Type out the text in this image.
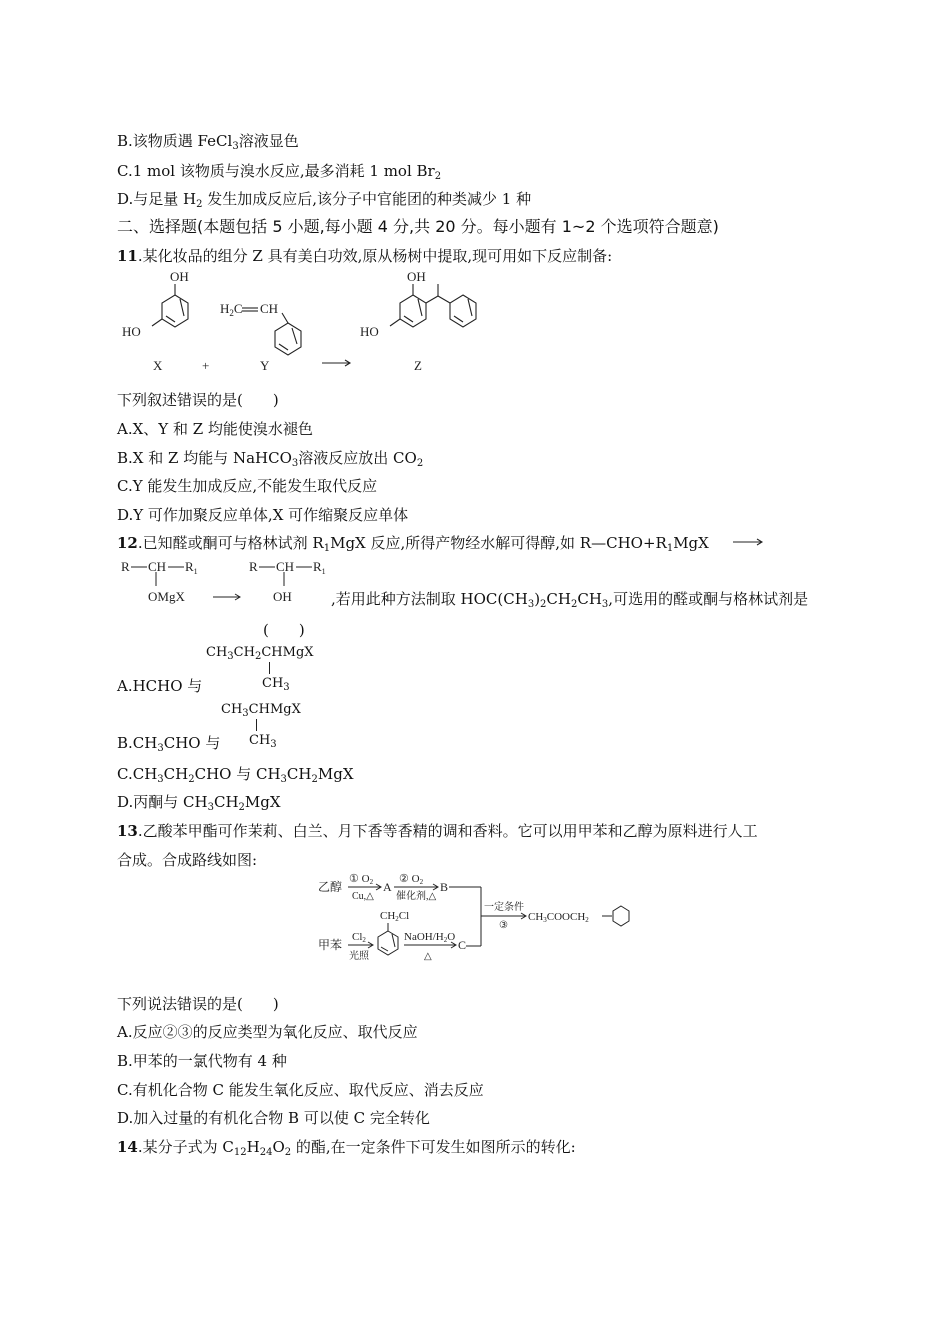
B.该物质遇 FeCl$_3$溶液显色
C.1 mol 该物质与溴水反应,最多消耗 1 mol $Br_2$
D.与足量 $H_2$ 发生加成反应后,该分子中官能团的种类减少 1 种
二、选择题(本题包括 5 小题,每小题 4 分,共 20 分。每小题有 1~2 个选项符合题意)
11.某化妆品的组分 Z 具有美白功效,原从杨树中提取,现可用如下反应制备:
OH
HO
X	+
$H_2C$ CH
Y
OH
HO
Z
下列叙述错误的是(　　)
A.X、Y 和 Z 均能使溴水褪色
B.X 和 Z 均能与 NaHCO$_3$溶液反应放出 $CO_2$
C.Y 能发生加成反应,不能发生取代反应
D.Y 可作加聚反应单体,X 可作缩聚反应单体
12.已知醛或酮可与格林试剂 $R_1MgX$ 反应,所得产物经水解可得醇,如 $R—CHO+R_1MgX$
R CH $R_1$
OMgX
R CH $R_1$
OH	,若用此种方法制取 $HOC(CH_3)_2CH_2CH_3$,可选用的醛或酮与格林试剂是
(　　)
$CH_3CH_2CHMgX$
$CH_3$
A.HCHO 与
$CH_3CHMgX$
$CH_3$
$B.CH_3CHO$ 与
$C.CH_3CH_2CHO$ 与 $CH_3CH_2MgX$
D.丙酮与 $CH_3CH_2MgX$
13.乙酸苯甲酯可作茉莉、白兰、月下香等香精的调和香料。它可以用甲苯和乙醇为原料进行人工
合成。合成路线如图:
乙醇
① O2
Cu,△
A
② O2
催化剂,△
B
甲苯
Cl2
光照
CH2Cl
NaOH/H2O
△
C
一定条件
③
CH3COOCH2
下列说法错误的是(　　)
A.反应②③的反应类型为氧化反应、取代反应
B.甲苯的一氯代物有 4 种
C.有机化合物 C 能发生氧化反应、取代反应、消去反应
D.加入过量的有机化合物 B 可以使 C 完全转化
14.某分子式为 $C_{12}H_{24}O_2$ 的酯,在一定条件下可发生如图所示的转化:
